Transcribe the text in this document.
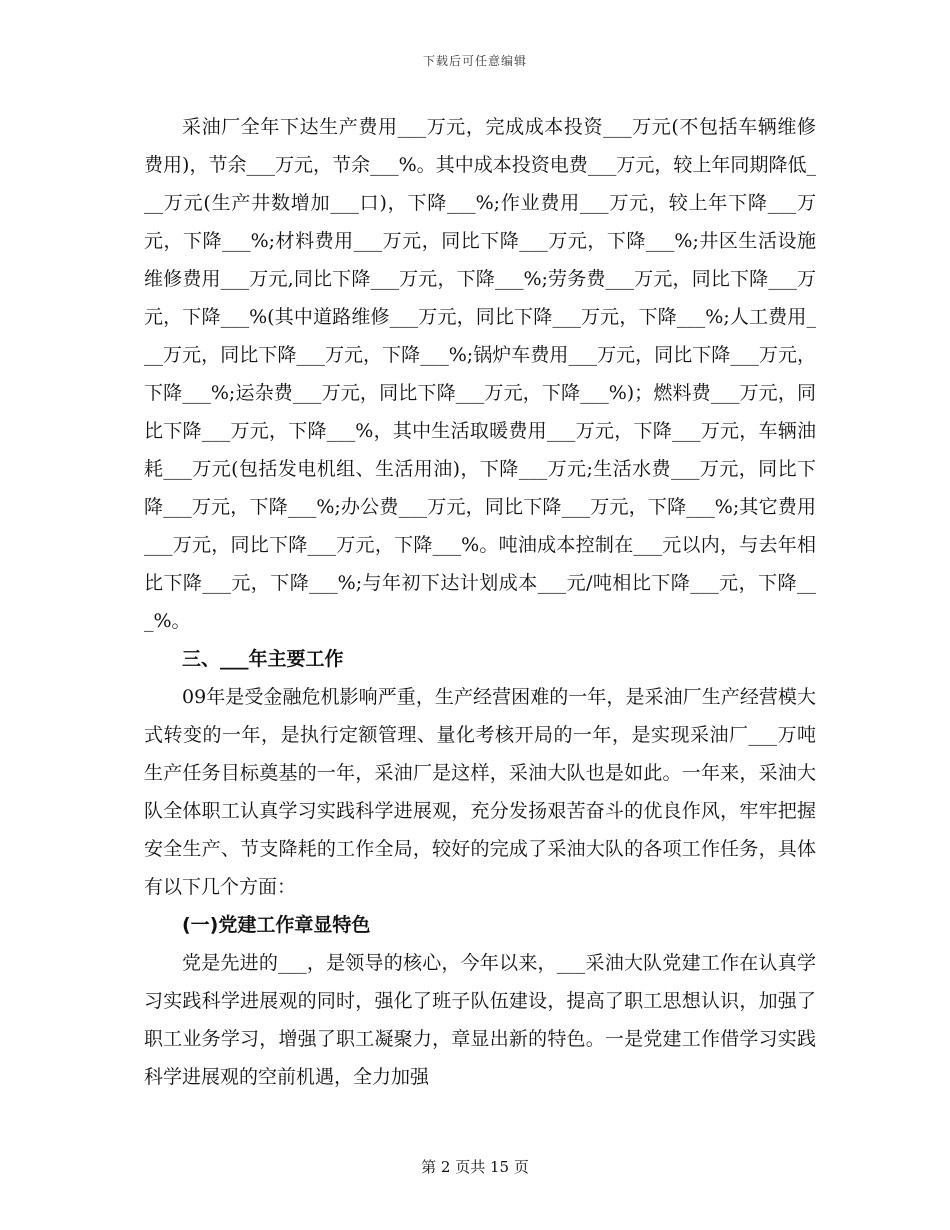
下载后可任意编辑

采油厂全年下达生产费用___万元，完成成本投资___万元(不包括车辆维修费用)，节余___万元，节余___%。其中成本投资电费___万元，较上年同期降低___万元(生产井数增加___口)，下降___%;作业费用___万元，较上年下降___万元，下降___%;材料费用___万元，同比下降___万元，下降___%;井区生活设施维修费用___万元,同比下降___万元，下降___%;劳务费___万元，同比下降___万元，下降___%(其中道路维修___万元，同比下降___万元，下降___%;人工费用___万元，同比下降___万元，下降___%;锅炉车费用___万元，同比下降___万元，下降___%;运杂费___万元，同比下降___万元，下降___%)；燃料费___万元，同比下降___万元，下降___%，其中生活取暖费用___万元，下降___万元，车辆油耗___万元(包括发电机组、生活用油)，下降___万元;生活水费___万元，同比下降___万元，下降___%;办公费___万元，同比下降___万元，下降___%;其它费用___万元，同比下降___万元，下降___%。吨油成本控制在___元以内，与去年相比下降___元，下降___%;与年初下达计划成本___元/吨相比下降___元，下降___%。

三、___年主要工作

09年是受金融危机影响严重，生产经营困难的一年，是采油厂生产经营模大式转变的一年，是执行定额管理、量化考核开局的一年，是实现采油厂___万吨生产任务目标奠基的一年，采油厂是这样，采油大队也是如此。一年来，采油大队全体职工认真学习实践科学进展观，充分发扬艰苦奋斗的优良作风，牢牢把握安全生产、节支降耗的工作全局，较好的完成了采油大队的各项工作任务，具体有以下几个方面：

(一)党建工作章显特色

党是先进的___，是领导的核心，今年以来，___采油大队党建工作在认真学习实践科学进展观的同时，强化了班子队伍建设，提高了职工思想认识，加强了职工业务学习，增强了职工凝聚力，章显出新的特色。一是党建工作借学习实践科学进展观的空前机遇，全力加强

第 2 页共 15 页
